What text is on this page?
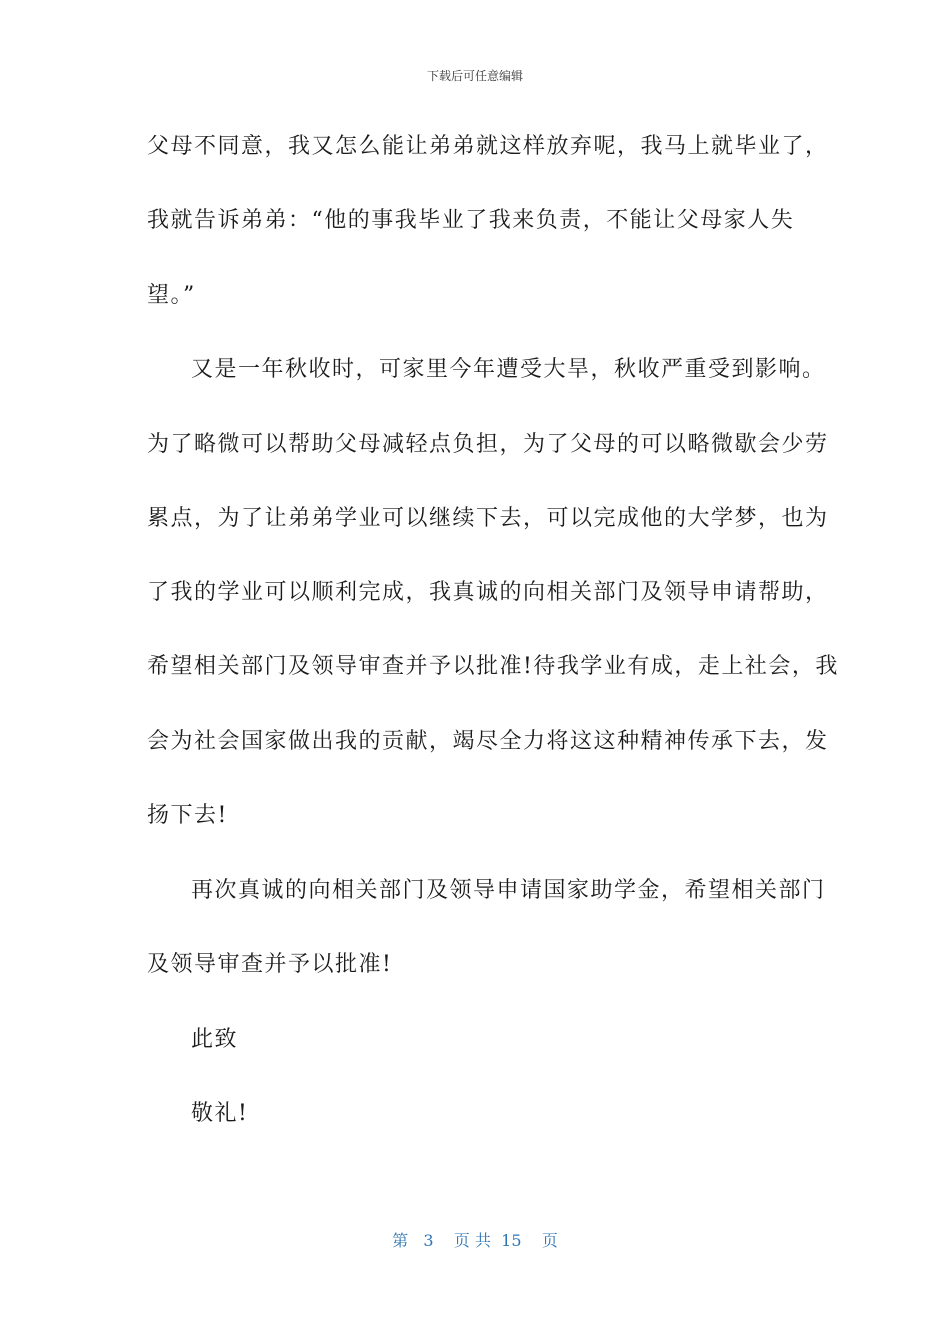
下载后可任意编辑
父母不同意，我又怎么能让弟弟就这样放弃呢，我马上就毕业了，
我就告诉弟弟：“他的事我毕业了我来负责，不能让父母家人失
望。”
又是一年秋收时，可家里今年遭受大旱，秋收严重受到影响。
为了略微可以帮助父母减轻点负担，为了父母的可以略微歇会少劳
累点，为了让弟弟学业可以继续下去，可以完成他的大学梦，也为
了我的学业可以顺利完成，我真诚的向相关部门及领导申请帮助，
希望相关部门及领导审查并予以批准!待我学业有成，走上社会，我
会为社会国家做出我的贡献，竭尽全力将这这种精神传承下去，发
扬下去!
再次真诚的向相关部门及领导申请国家助学金，希望相关部门
及领导审查并予以批准!
此致
敬礼!
第 3 页 共 15 页
